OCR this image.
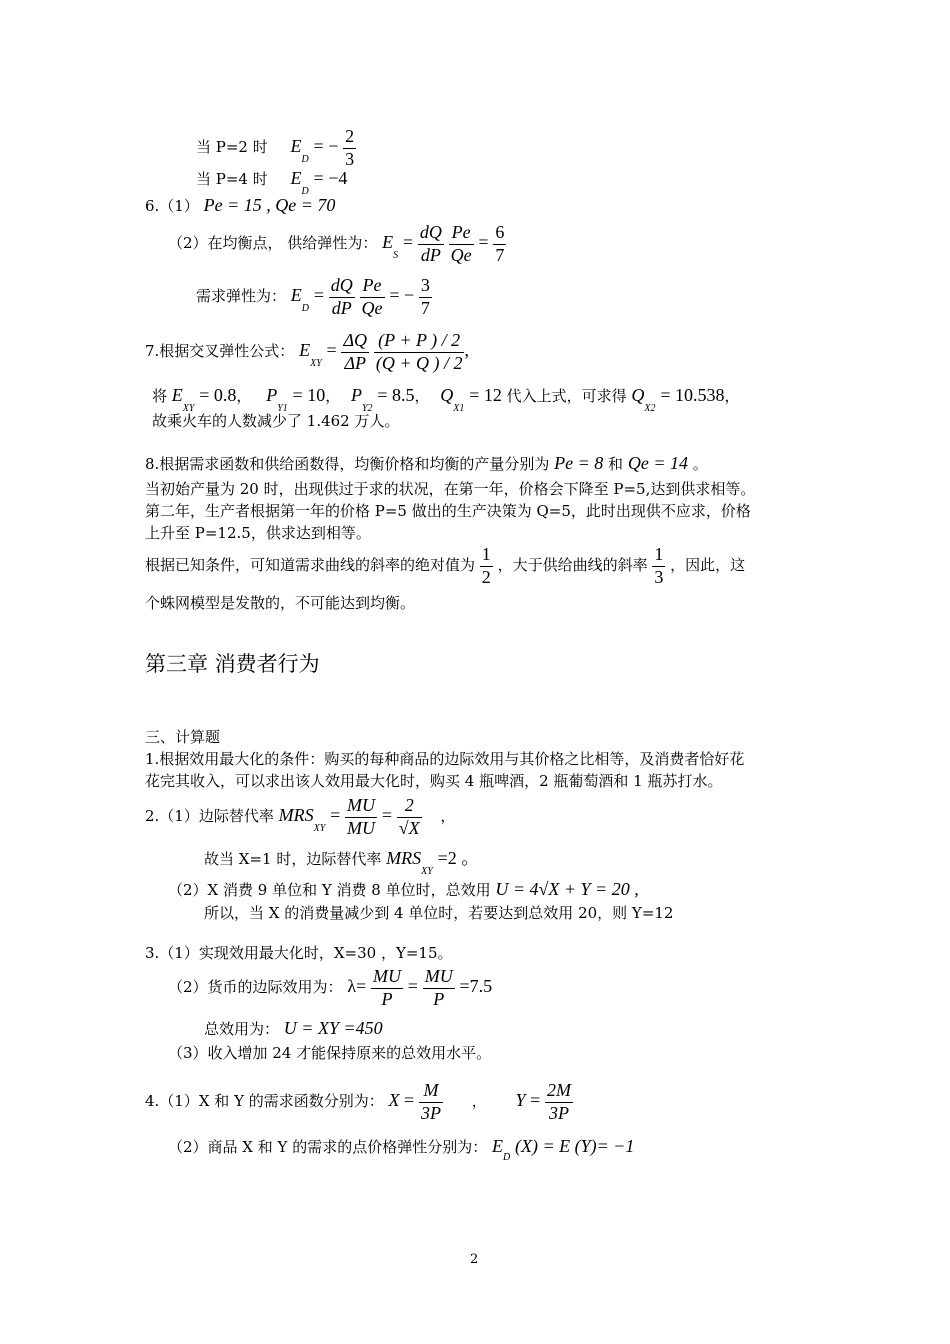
当 P=2 时 $E_D$ = − $\frac{2}{3}$
当 P=4 时 $E_D = -4$
6.（1） Pe = 15 , Qe = 70
（2）在均衡点， 供给弹性为： $E_S = \frac{dQ}{dP}$
$\frac{Pe}{Qe} = \frac{6}{7}$
需求弹性为： $E_D = \frac{dQ}{dP}$
$\frac{Pe}{Qe}$ = − $\frac{3}{7}$
7.根据交叉弹性公式： $E_{XY} = \frac{\Delta Q}{\Delta P}$
$\frac{(P + P ) / 2}{(Q + Q ) / 2}$ ,
将 $E_{XY} = 0.8$， $P_{Y1} = 10$， $P_{Y2} = 8.5$， $Q_{X1} = 12$ 代入上式，可求得 $Q_{X2} = 10.538$，
故乘火车的人数减少了 1.462 万人。
8.根据需求函数和供给函数得，均衡价格和均衡的产量分别为 Pe = 8 和 Qe = 14 。
当初始产量为 20 时，出现供过于求的状况，在第一年，价格会下降至 P=5,达到供求相等。
第二年，生产者根据第一年的价格 P=5 做出的生产决策为 Q=5，此时出现供不应求，价格
上升至 P=12.5，供求达到相等。
根据已知条件，可知道需求曲线的斜率的绝对值为 $\frac{1}{2}$ ，大于供给曲线的斜率 $\frac{1}{3}$ ，因此，这
个蛛网模型是发散的，不可能达到均衡。
第三章 消费者行为
三、计算题
1.根据效用最大化的条件：购买的每种商品的边际效用与其价格之比相等，及消费者恰好花
花完其收入，可以求出该人效用最大化时，购买 4 瓶啤酒，2 瓶葡萄酒和 1 瓶苏打水。
2.（1）边际替代率 $MRS_{XY} = \frac{MU}{MU} = \frac{2}{√X}$ ，
故当 X=1 时，边际替代率 $MRS_{XY} =2$ 。
（2）X 消费 9 单位和 Y 消费 8 单位时，总效用 U = 4√X + Y = 20 ,
所以，当 X 的消费量减少到 4 单位时，若要达到总效用 20，则 Y=12
3.（1）实现效用最大化时，X=30 ，Y=15。
（2）货币的边际效用为： $\lambda= \frac{MU}{P} = \frac{MU}{P} =7.5$
总效用为： U = XY =450
（3）收入增加 24 才能保持原来的总效用水平。
4.（1）X 和 Y 的需求函数分别为： $X = \frac{M}{3P}$ ， $Y = \frac{2M}{3P}$
（2）商品 X 和 Y 的需求的点价格弹性分别为： $E_D$ (X) = E (Y)= −1
2
